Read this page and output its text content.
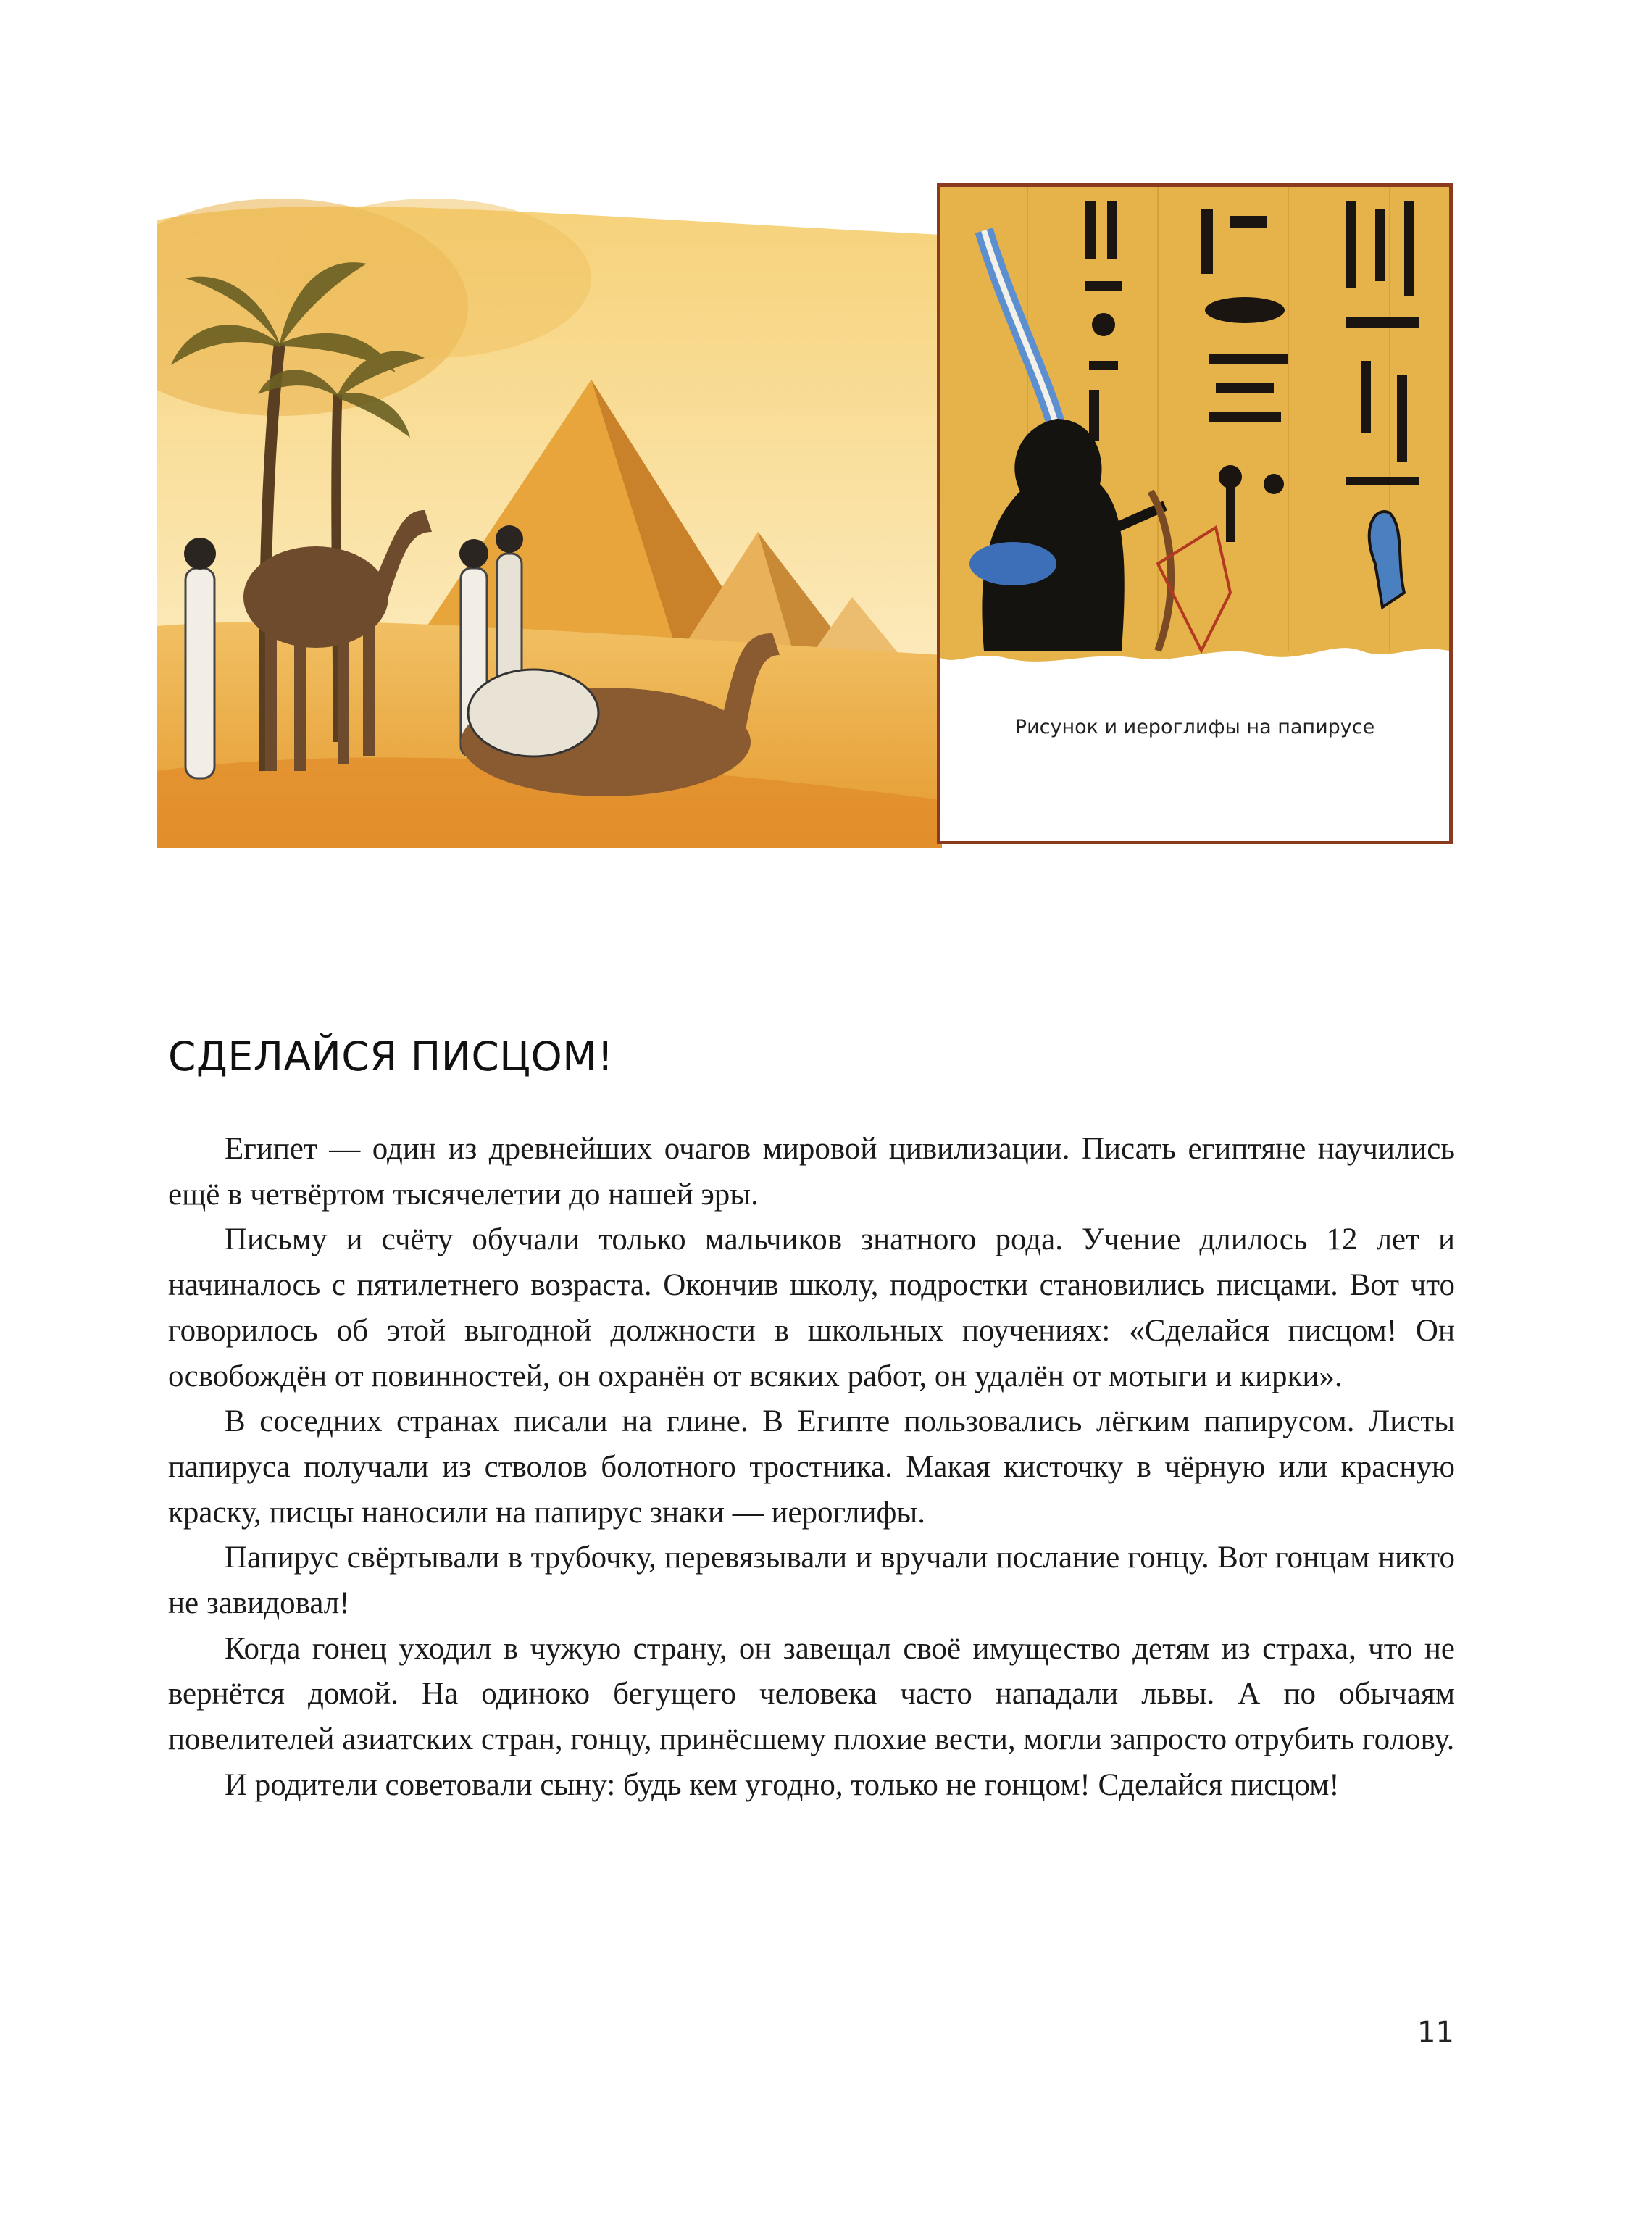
Рисунок и иероглифы на папирусе
СДЕЛАЙСЯ ПИСЦОМ!

Египет — один из древнейших очагов мировой цивилизации. Писать египтяне научились ещё в четвёртом тысячелетии до нашей эры.

Письму и счёту обучали только мальчиков знатного рода. Учение длилось 12 лет и начиналось с пятилетнего возраста. Окончив школу, подростки становились писцами. Вот что говорилось об этой выгодной должности в школьных поучениях: «Сделайся писцом! Он освобождён от повинностей, он охранён от всяких работ, он удалён от мотыги и кирки».

В соседних странах писали на глине. В Египте пользовались лёгким папирусом. Листы папируса получали из стволов болотного тростника. Макая кисточку в чёрную или красную краску, писцы наносили на папирус знаки — иероглифы.

Папирус свёртывали в трубочку, перевязывали и вручали послание гонцу. Вот гонцам никто не завидовал!

Когда гонец уходил в чужую страну, он завещал своё имущество детям из страха, что не вернётся домой. На одиноко бегущего человека часто нападали львы. А по обычаям повелителей азиатских стран, гонцу, принёсшему плохие вести, могли запросто отрубить голову.

И родители советовали сыну: будь кем угодно, только не гонцом! Сделайся писцом!

11
